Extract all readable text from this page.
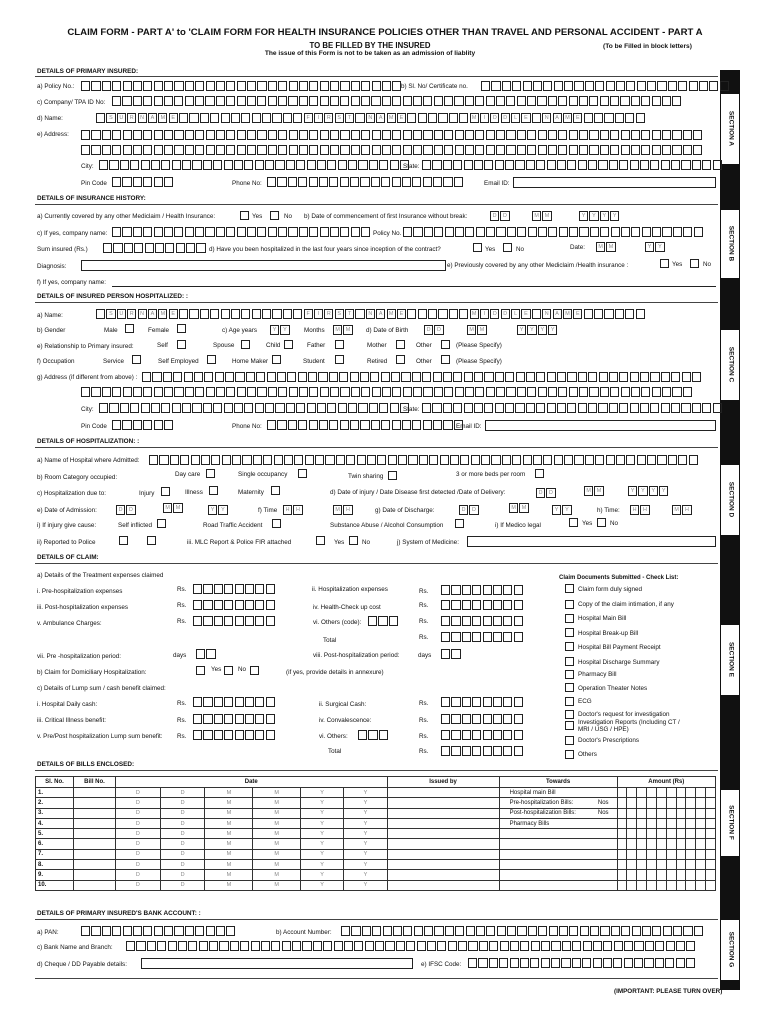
CLAIM FORM - PART A' to 'CLAIM FORM FOR HEALTH INSURANCE POLICIES OTHER THAN TRAVEL AND PERSONAL ACCIDENT - PART A
TO BE FILLED BY THE INSURED	(To be Filled in block letters)
The issue of this Form is not to be taken as an admission of liablity
SECTION A
SECTION B
SECTION C
SECTION D
SECTION E
SECTION F
SECTION G
DETAILS OF PRIMARY INSURED:
a) Policy No.:	b) Sl. No/ Certificate no.
c) Company/ TPA ID No:
d) Name:	S	U	R	N	A	M	E	F	I	R	S	T	N	A	M	E	M	I	D	D	L	E	N	A	M	E
e) Address:
City:	State:
Pin Code	Phone No:	Email ID:
DETAILS OF INSURANCE HISTORY:
a) Currently covered by any other Mediclaim / Health Insurance:	Yes	No b) Date of commencement of first Insurance without break:	D	D	M	M	Y	Y	Y	Y
c) If yes, company name:	Policy No.
Sum insured (Rs.)	d) Have you been hospitalized in the last four years since inception of the contract?	Yes	No	Date:	M	M	Y	Y
Diagnosis:	e) Previously covered by any other Mediclaim /Health insurance :	Yes	No
f) If yes, company name:
DETAILS OF INSURED PERSON HOSPITALIZED: :
a) Name:	S	U	R	N	A	M	E	F	I	R	S	T	N	A	M	E	M	I	D	D	L	E	N	A	M	E
b) Gender	Male	Female	c) Age years	Y	Y	Months	M	M	d) Date of Birth	D	D	M	M	Y	Y	Y	Y
e) Relationship to Primary insured:	Self	Spouse	Child	Father	Mother	Other	(Please Specify)
f) Occupation	Service	Self Employed	Home Maker	Student	Retired	Other	(Please Specify)
g) Address (if different from above) :
City:	State:
Pin Code	Phone No:	Email ID:
DETAILS OF HOSPITALIZATION: :
a) Name of Hospital where Admitted:
b) Room Category occupied:	Day care	Single occupancy	Twin sharing	3 or more beds per room
c) Hospitalization due to:	Injury	Illness	Maternity	d) Date of injury / Date Disease first detected /Date of Delivery:	D	D	M	M	Y	Y	Y	Y
e) Date of Admission:	D	D	M	M	Y	Y	f) Time	H	H	M	H	g) Date of Discharge:	D	D	M	M	Y	Y	h) Time:	H	H	M	H
i) If injury give cause:	Self inflicted	Road Traffic Accident	Substance Abuse / Alcohol Consumption	i) If Medico legal	Yes	No
ii) Reported to Police	iii. MLC Report & Police FIR attached	Yes	No	j) System of Medicine:
DETAILS OF CLAIM:
a) Details of the Treatment expenses claimed	Claim Documents Submitted - Check List:
i. Pre-hospitalization expenses	Rs.	ii. Hospitalization expenses	Rs.
iii. Post-hospitalization expenses	Rs.	iv. Health-Check up cost	Rs.
v. Ambulance Charges:	Rs.	vi. Others (code):	Rs.
Total	Rs.
vii. Pre -hospitalization period:	days	viii. Post-hospitalization period:	days
b) Claim for Domiciliary Hospitalization:	Yes	No	(if yes, provide details in annexure)
c) Details of Lump sum / cash benefit claimed:
i. Hospital Daily cash:	Rs.	ii. Surgical Cash:	Rs.
iii. Critical Illness benefit:	Rs.	iv. Convalescence:	Rs.
v. Pre/Post hospitalization Lump sum benefit: Rs.	vi. Others:	Rs.
Total	Rs.
Claim form duly signed
Copy of the claim intimation, if any
Hospital Main Bill
Hospital Break-up Bill
Hospital Bill Payment Receipt
Hospital Discharge Summary
Pharmacy Bill
Operation Theater Notes
ECG
Doctor's request for investigation
Investigation Reports (Including CT / MRI / USG / HPE)
Doctor's Prescriptions
Others
DETAILS OF BILLS ENCLOSED:
Sl. No.	Bill No.	Date						Issued by	Towards	Amount (Rs)									
1.		D	D	M	M	Y	Y		Hospital main Bill

2.		D	D	M	M	Y	Y		Pre-hospitalization Bills: Nos										

3.		D	D	M	M	Y	Y		Post-hospitalization Bills: Nos										

4.		D	D	M	M	Y	Y		Pharmacy Bills

5.		D	D	M	M	Y	Y		

6.		D	D	M	M	Y	Y		

7.		D	D	M	M	Y	Y		

8.		D	D	M	M	Y	Y		

9.		D	D	M	M	Y	Y		

10.		D	D	M	M	Y	Y		

DETAILS OF PRIMARY INSURED'S BANK ACCOUNT: :
a) PAN:	b) Account Number:
c) Bank Name and Branch:
d) Cheque / DD Payable details:	e) IFSC Code:
(IMPORTANT: PLEASE TURN OVER)
